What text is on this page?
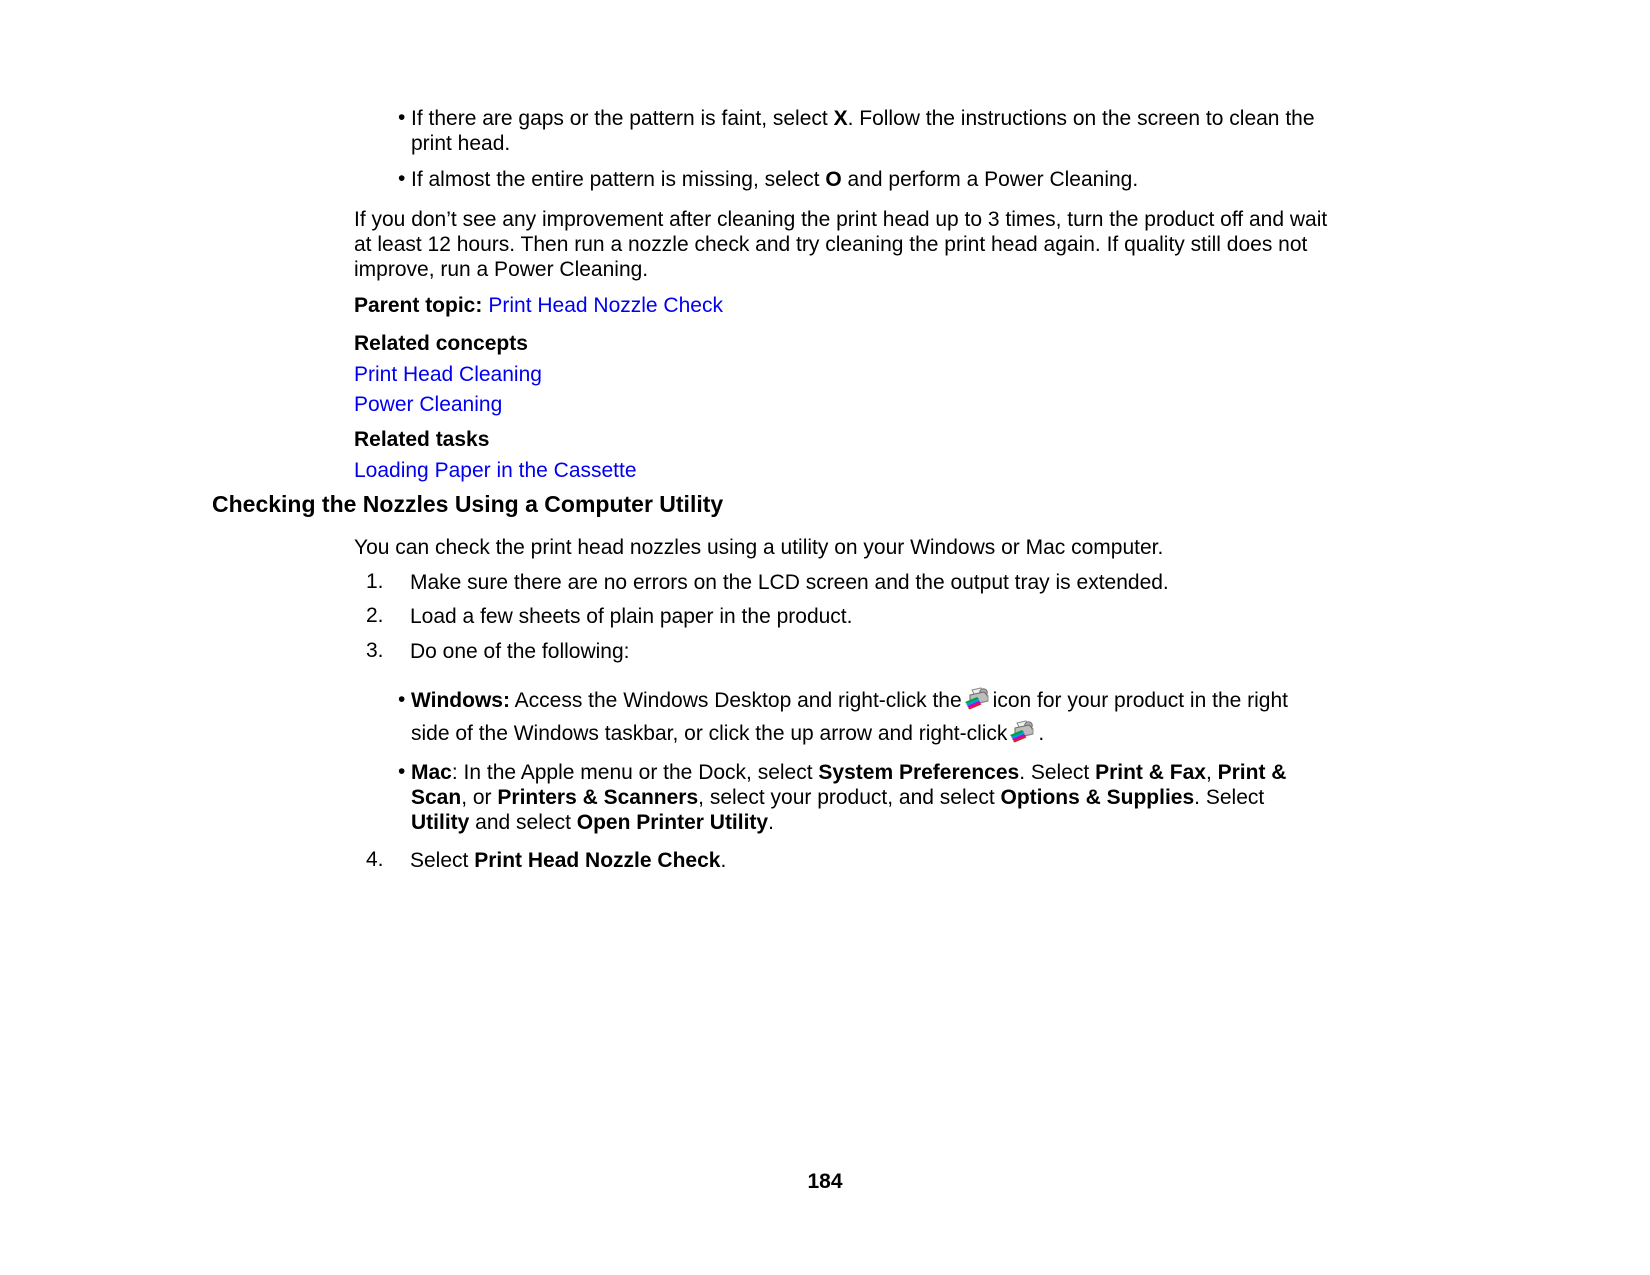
• If there are gaps or the pattern is faint, select X. Follow the instructions on the screen to clean the
print head.
• If almost the entire pattern is missing, select O and perform a Power Cleaning.
If you don’t see any improvement after cleaning the print head up to 3 times, turn the product off and wait
at least 12 hours. Then run a nozzle check and try cleaning the print head again. If quality still does not
improve, run a Power Cleaning.
Parent topic: Print Head Nozzle Check
Related concepts
Print Head Cleaning
Power Cleaning
Related tasks
Loading Paper in the Cassette
Checking the Nozzles Using a Computer Utility
You can check the print head nozzles using a utility on your Windows or Mac computer.
1. Make sure there are no errors on the LCD screen and the output tray is extended.
2. Load a few sheets of plain paper in the product.
3. Do one of the following:
• Windows: Access the Windows Desktop and right-click the icon for your product in the right
side of the Windows taskbar, or click the up arrow and right-click .
• Mac: In the Apple menu or the Dock, select System Preferences. Select Print & Fax, Print &
Scan, or Printers & Scanners, select your product, and select Options & Supplies. Select
Utility and select Open Printer Utility.
4. Select Print Head Nozzle Check.
184
